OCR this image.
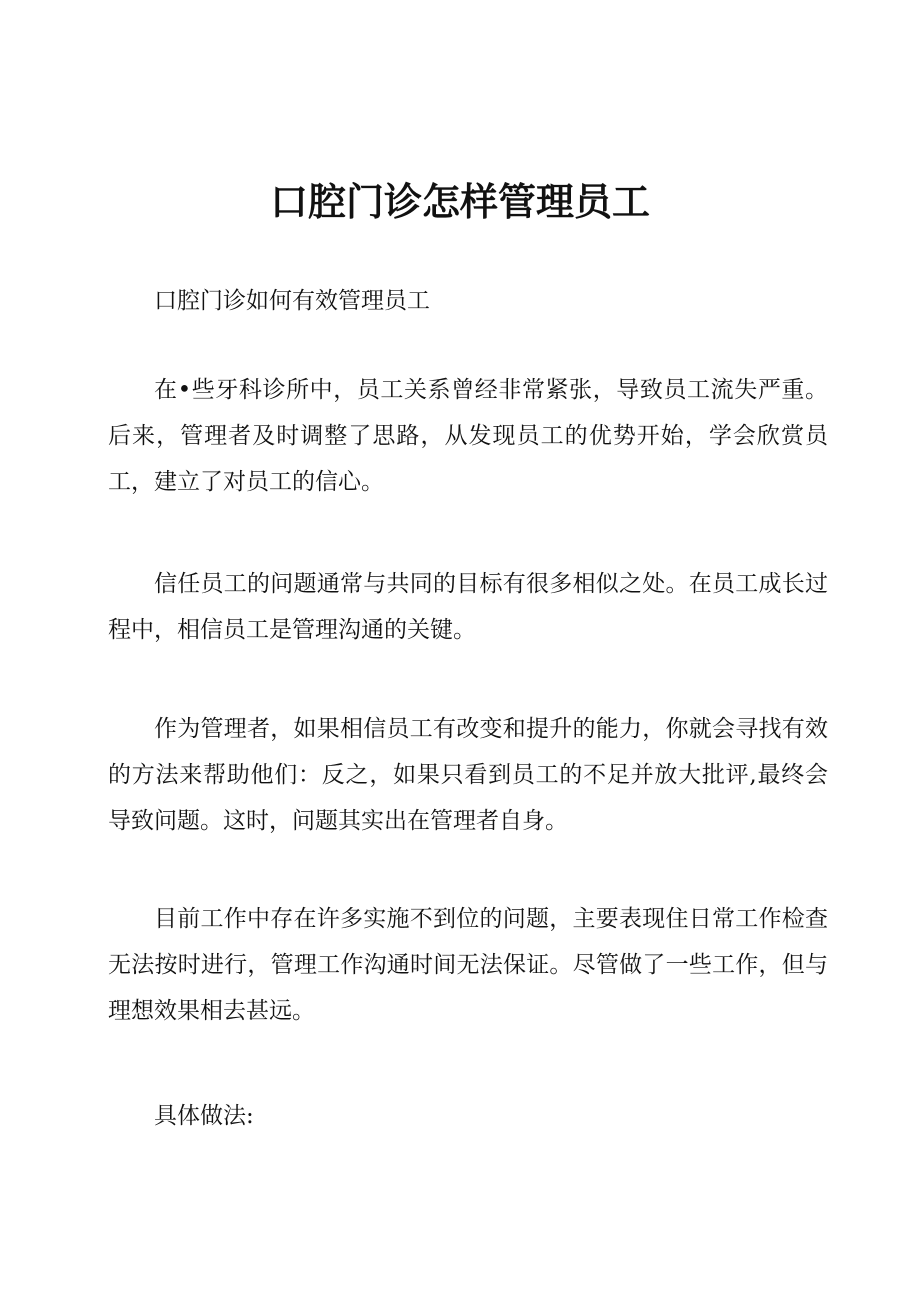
口腔门诊怎样管理员工

口腔门诊如何有效管理员工

在•些牙科诊所中，员工关系曾经非常紧张，导致员工流失严重。后来，管理者及时调整了思路，从发现员工的优势开始，学会欣赏员工，建立了对员工的信心。

信任员工的问题通常与共同的目标有很多相似之处。在员工成长过程中，相信员工是管理沟通的关键。

作为管理者，如果相信员工有改变和提升的能力，你就会寻找有效的方法来帮助他们：反之，如果只看到员工的不足并放大批评,最终会导致问题。这时，问题其实出在管理者自身。

目前工作中存在许多实施不到位的问题，主要表现住日常工作检查无法按时进行，管理工作沟通时间无法保证。尽管做了一些工作，但与理想效果相去甚远。

具体做法:
